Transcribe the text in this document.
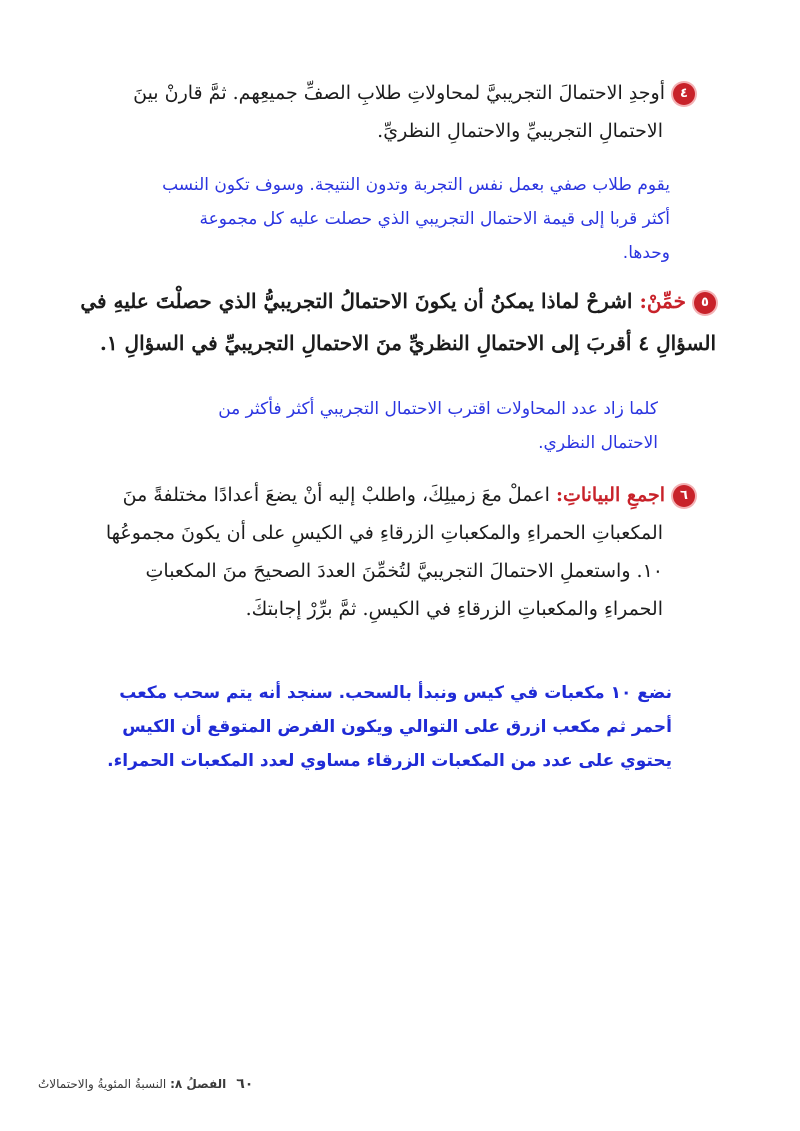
٤أوجدِ الاحتمالَ التجريبيَّ لمحاولاتِ طلابِ الصفِّ جميعِهم. ثمَّ قارنْ بينَ
الاحتمالِ التجريبيِّ والاحتمالِ النظريِّ.
يقوم طلاب صفي بعمل نفس التجربة وتدون النتيجة. وسوف تكون النسب
أكثر قربا إلى قيمة الاحتمال التجريبي الذي حصلت عليه كل مجموعة
وحدها.
٥خمِّنْ: اشرحْ لماذا يمكنُ أن يكونَ الاحتمالُ التجريبيُّ الذي حصلْتَ عليهِ في
السؤالِ ٤ أقربَ إلى الاحتمالِ النظريِّ منَ الاحتمالِ التجريبيِّ في السؤالِ ١.
كلما زاد عدد المحاولات اقترب الاحتمال التجريبي أكثر فأكثر من
الاحتمال النظري.
٦اجمعِ البياناتِ: اعملْ معَ زميلِكَ، واطلبْ إليه أنْ يضعَ أعدادًا مختلفةً منَ
المكعباتِ الحمراءِ والمكعباتِ الزرقاءِ في الكيسِ على أن يكونَ مجموعُها
١٠. واستعملِ الاحتمالَ التجريبيَّ لتُخمِّنَ العددَ الصحيحَ منَ المكعباتِ
الحمراءِ والمكعباتِ الزرقاءِ في الكيسِ. ثمَّ برِّرْ إجابتكَ.
نضع ١٠ مكعبات في كيس ونبدأ بالسحب. سنجد أنه يتم سحب مكعب
أحمر ثم مكعب ازرق على التوالي ويكون الفرض المتوقع أن الكيس
يحتوي على عدد من المكعبات الزرقاء مساوي لعدد المكعبات الحمراء.
٦٠الفصلُ ٨: النسبةُ المئويةُ والاحتمالاتُ
